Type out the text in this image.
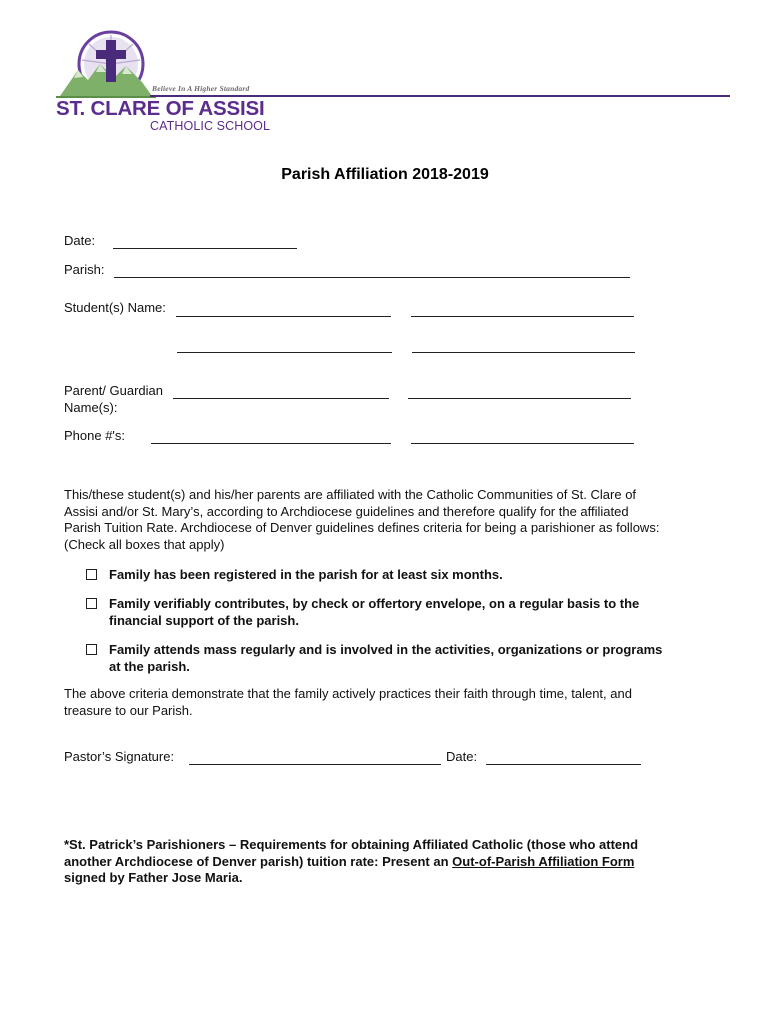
Believe In A Higher Standard
ST. CLARE OF ASSISI
CATHOLIC SCHOOL
Parish Affiliation 2018-2019
Date:
Parish:
Student(s) Name:
Parent/ Guardian
Name(s):
Phone #'s:
This/these student(s) and his/her parents are affiliated with the Catholic Communities of St. Clare of
Assisi and/or St. Mary’s, according to Archdiocese guidelines and therefore qualify for the affiliated
Parish Tuition Rate. Archdiocese of Denver guidelines defines criteria for being a parishioner as follows:
(Check all boxes that apply)
Family has been registered in the parish for at least six months.
Family verifiably contributes, by check or offertory envelope, on a regular basis to the
financial support of the parish.
Family attends mass regularly and is involved in the activities, organizations or programs
at the parish.
The above criteria demonstrate that the family actively practices their faith through time, talent, and
treasure to our Parish.
Pastor’s Signature:	Date:
*St. Patrick’s Parishioners – Requirements for obtaining Affiliated Catholic (those who attend
another Archdiocese of Denver parish) tuition rate: Present an Out-of-Parish Affiliation Form
signed by Father Jose Maria.
